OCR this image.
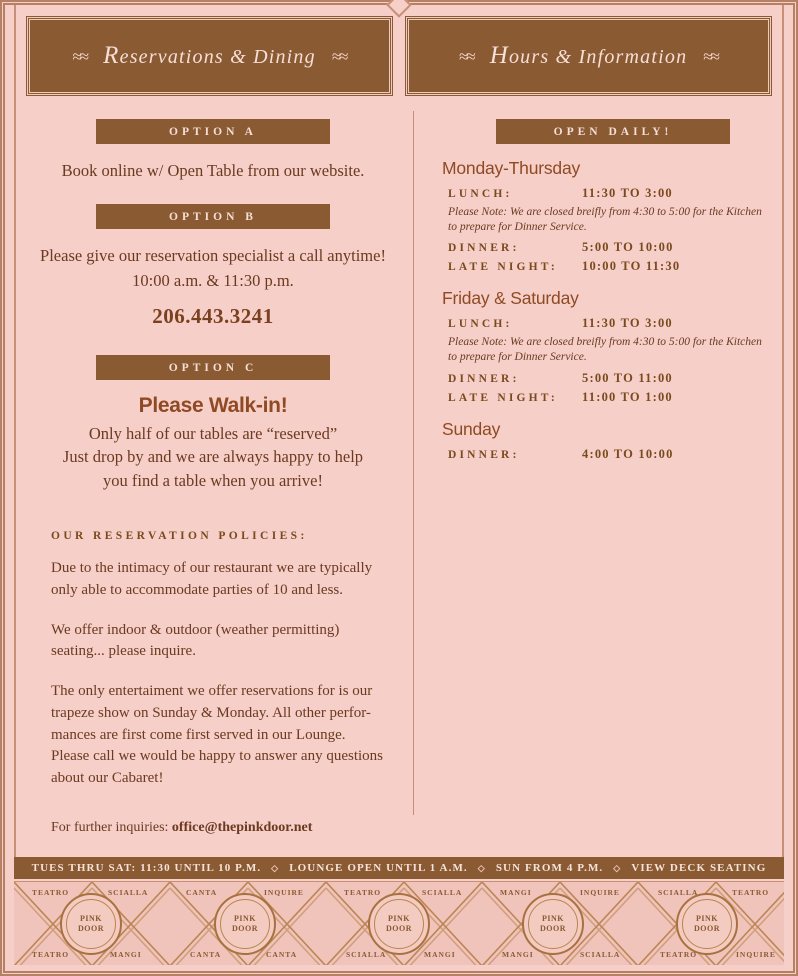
≈≈ Reservations & Dining ≈≈	≈≈ Hours & Information ≈≈
OPTION A

Book online w/ Open Table from our website.

OPTION B

Please give our reservation specialist a call anytime!

10:00 a.m. & 11:30 p.m.

206.443.3241

OPTION C

Please Walk-in!

Only half of our tables are “reserved”
Just drop by and we are always happy to help
you find a table when you arrive!
OUR RESERVATION POLICIES:

Due to the intimacy of our restaurant we are typically only able to accommodate parties of 10 and less.

We offer indoor & outdoor (weather permitting) seating... please inquire.

The only entertaiment we offer reservations for is our trapeze show on Sunday & Monday. All other perfor-mances are first come first served in our Lounge. Please call we would be happy to answer any questions about our Cabaret!

For further inquiries: office@thepinkdoor.net
OPEN DAILY!
Monday-Thursday
LUNCH:	11:30 TO 3:00
Please Note: We are closed breifly from 4:30 to 5:00 for the Kitchen to prepare for Dinner Service.
DINNER:	5:00 TO 10:00
LATE NIGHT:	10:00 TO 11:30
Friday & Saturday
LUNCH:	11:30 TO 3:00
Please Note: We are closed breifly from 4:30 to 5:00 for the Kitchen to prepare for Dinner Service.
DINNER:	5:00 TO 11:00
LATE NIGHT:	11:00 TO 1:00
Sunday
DINNER:	4:00 TO 10:00
TUES THRU SAT: 11:30 UNTIL 10 P.M. ◇ LOUNGE OPEN UNTIL 1 A.M. ◇ SUN FROM 4 P.M. ◇ VIEW DECK SEATING
PINK
DOOR
PINK
DOOR
PINK
DOOR
PINK
DOOR
PINK
DOOR
TEATRO	SCIALLA	CANTA	INQUIRE	TEATRO	SCIALLA	MANGI	INQUIRE	SCIALLA	TEATRO
TEATRO	MANGI	CANTA	CANTA	SCIALLA	MANGI	MANGI	SCIALLA	TEATRO	INQUIRE
